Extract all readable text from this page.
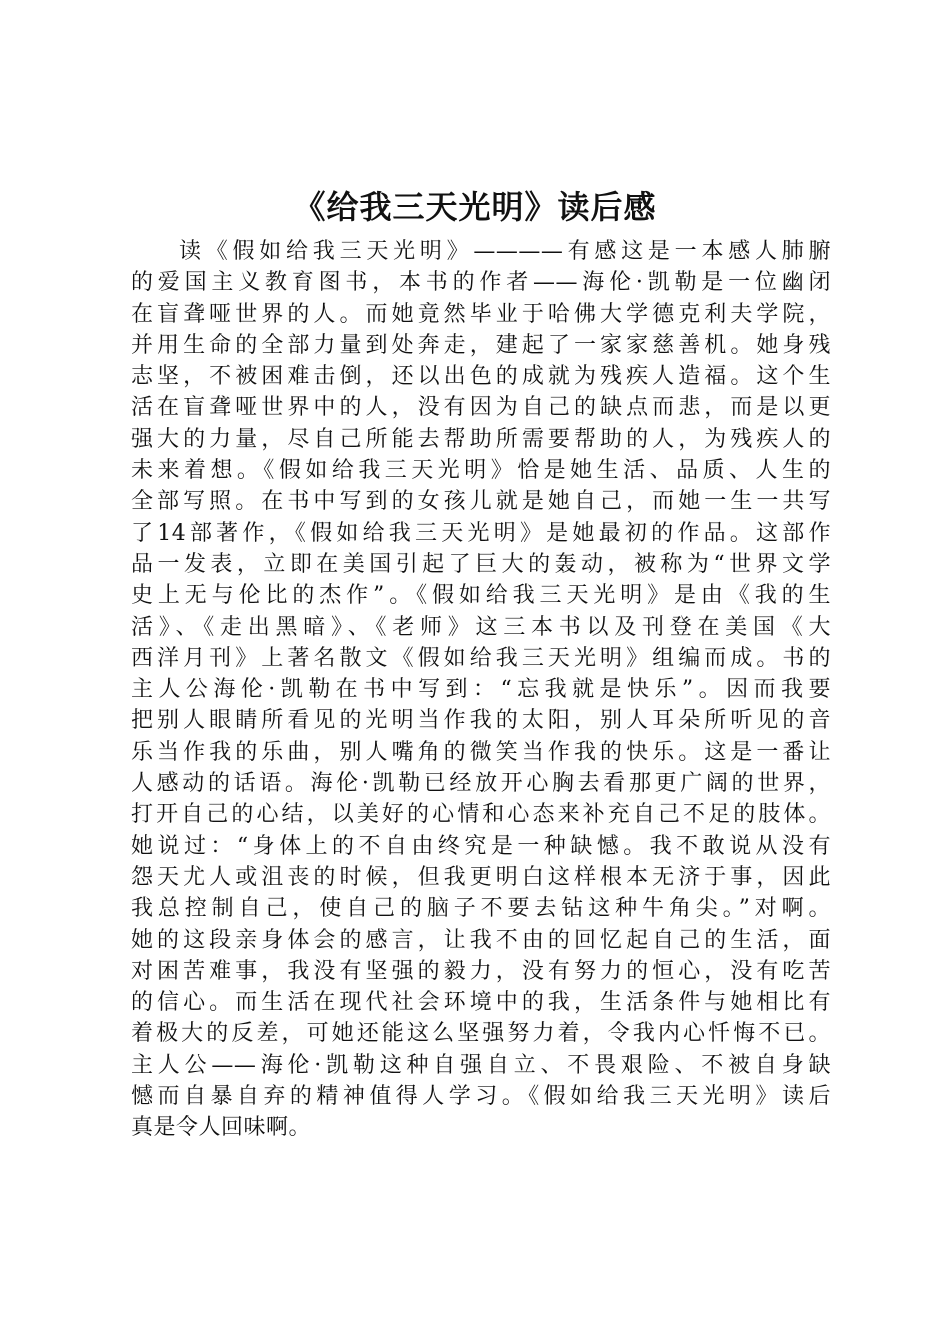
《给我三天光明》读后感
读《假如给我三天光明》————有感这是一本感人肺腑
的爱国主义教育图书，本书的作者——海伦·凯勒是一位幽闭
在盲聋哑世界的人。而她竟然毕业于哈佛大学德克利夫学院，
并用生命的全部力量到处奔走，建起了一家家慈善机。她身残
志坚，不被困难击倒，还以出色的成就为残疾人造福。这个生
活在盲聋哑世界中的人，没有因为自己的缺点而悲，而是以更
强大的力量，尽自己所能去帮助所需要帮助的人，为残疾人的
未来着想。《假如给我三天光明》恰是她生活、品质、人生的
全部写照。在书中写到的女孩儿就是她自己，而她一生一共写
了14部著作，《假如给我三天光明》是她最初的作品。这部作
品一发表，立即在美国引起了巨大的轰动，被称为“世界文学
史上无与伦比的杰作”。《假如给我三天光明》是由《我的生
活》、《走出黑暗》、《老师》这三本书以及刊登在美国《大
西洋月刊》上著名散文《假如给我三天光明》组编而成。书的
主人公海伦·凯勒在书中写到：“忘我就是快乐”。因而我要
把别人眼睛所看见的光明当作我的太阳，别人耳朵所听见的音
乐当作我的乐曲，别人嘴角的微笑当作我的快乐。这是一番让
人感动的话语。海伦·凯勒已经放开心胸去看那更广阔的世界，
打开自己的心结，以美好的心情和心态来补充自己不足的肢体。
她说过：“身体上的不自由终究是一种缺憾。我不敢说从没有
怨天尤人或沮丧的时候，但我更明白这样根本无济于事，因此
我总控制自己，使自己的脑子不要去钻这种牛角尖。”对啊。
她的这段亲身体会的感言，让我不由的回忆起自己的生活，面
对困苦难事，我没有坚强的毅力，没有努力的恒心，没有吃苦
的信心。而生活在现代社会环境中的我，生活条件与她相比有
着极大的反差，可她还能这么坚强努力着，令我内心忏悔不已。
主人公——海伦·凯勒这种自强自立、不畏艰险、不被自身缺
憾而自暴自弃的精神值得人学习。《假如给我三天光明》读后
真是令人回味啊。
